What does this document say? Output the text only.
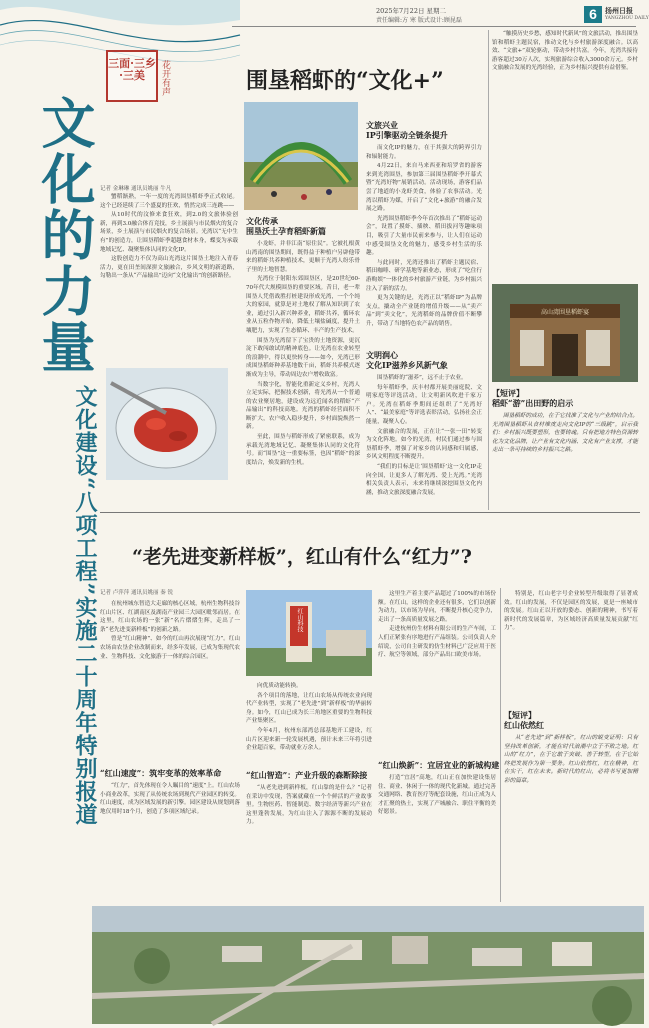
2025年7月22日 星期二
责任编辑:方 寒 版式设计:顾昆磊	6	扬州日报
YANGZHOU DAILY
文化的力量
文化建设“八项工程”实施二十周年特别报道
三面·三乡·三美	花开有声	围垦稻虾的“文化+”
记者 金琳琳 通讯员姚丽 牛凡

蟹稻渐熟，一年一度的光湾围垦稻虾季正式收尾。这个已经延续了三个盛夏的狂欢，悄然完成三连跳——

从10时代的汶修来食狂欢，到2.0的文旅体验创新，再到3.0融合体育竞技，乡土展演与市民烟火的复合场景，乡土展演与市民烟火的复合场景。光湾以“无中生有”的创造力，让围垦稻虾季超越食材本身，蝶变为承载地域记忆、凝聚集体认同的文化IP。

这股创造力不仅为高山光湾这片围垦土地注入青春活力，更在田垄间深拼文旅融合，乡风文明的新道路，勾勒出一条从“产品输出”迈向“文化输出”的创新路径。

文化传承
围垦沃土孕育稻虾新篇

小龙虾，并非江南“原住民”。它被扎根黄山湾南的围垦期间，既得益于种植户另辟他带来的稻虾共养种植技术，更顺于光湾人纷乐骨子里的土地智慧。

光湾位于射阳东郊围垦区，是20世纪60-70年代大规模围垦的重要区域。昔日，老一辈围垦人凭借战胜打桩建设形成光湾，一个个纯大的家园，就算是对土地权了解从知识到了农业，通过引入新兴种养业，稻虾共养，循环农业从五粒作物开始，降低土壤盐碱度，提升土壤肥力，实现了生态循环、丰产的生产技术。

围垦为光湾留下了宝贵的土地资源，更沉淀下敢闯敢试的精神底色。让光湾在农业转型的浪潮中，得以更快转身——如今，光湾已形成围垦稻虾种养基地数千亩，稻虾共养模式逐渐成为主导，带动周边农户增收致富。

当数字化，智能化重新定义乡村，光湾人立足实际，把握技术创新，将光湾从一个普通的农业聚居地，建设成为远近闻名的稻虾“产品输出”的科技高地。光湾的稻虾经营面积不断扩大，农户收入稳步提升，乡村面貌焕然一新。

至此，围垦与稻虾形成了紧密联系，成为承载光湾地域记忆、凝聚集体认同的文化符号。而“围垦”这一重要标签，也因“稻虾”的深度结合，焕发新的生机。

文旅兴业
IP引擎驱动全链条提升

而文化IP的魅力，在于其强大的跨界引力和辐射能力。

4月22日，来自马来西亚和培罗省的游客来到光湾围垦，参加第三届围垦稻虾季开幕式暨“光湾好物”展销活动。活动现场，游客们品尝了地道的小龙虾美食，体验了农事活动。光湾以稻虾为媒，开启了“文化+旅游”的融合发展之路。

光湾围垦稻虾季今年首次推出了“稻虾运动会”，设置了摸虾、插秧、稻田拔河等趣味项目，吸引了大量市民前来参与，让人们在运动中感受围垦文化的魅力，感受乡村生活的乐趣。

与此同时，光湾还推出了稻虾主题民宿、稻田咖啡、研学基地等新业态，形成了“吃住行游购娱”一体化的乡村旅游产业链，为乡村振兴注入了新的活力。

更为关键的是，光湾正以“稻虾IP”为品牌支点，撬动全产业链的增值升级——从“卖产品”到“卖文化”，光湾稻虾的品牌价值不断攀升，带动了当地特色农产品的销售。

文明润心
文化IP滋养乡风新气象

围垦稻虾的“滋养”，远不止于农业。

每年稻虾季，庆丰村都开展美丽庭院、文明家庭等评选活动，让文明新风吹进千家万户。光湾在稻虾季期间还组织了“光湾好人”、“最美家庭”等评选表彰活动，弘扬社会正能量，凝聚人心。

文旅融合的发展，正在让“一张一田”转变为文化阵地。如今的光湾，村民们通过参与围垦稻虾季，增强了对家乡的认同感和归属感，乡风文明程度不断提升。

“我们的目标是让‘围垦稻虾’这一文化IP走向全国，让更多人了解光湾、爱上光湾。”光湾相关负责人表示，未来将继续深挖围垦文化内涵，推动文旅深度融合发展。

“触摸历史乡愁，感知时代新风”的文旅活动，推出围垦馆和稻虾主题民宿，推动文化与乡村旅游深度融合。以高效、“文旅+”双轮驱动，带动乡村共富。今年，光湾共接待游客超过30万人次，实现旅游综合收入3000余万元。乡村文旅融合发展的光湾经验，正为乡村振兴提供有益借鉴。

高山湾围垦稻虾宴
【短评】
稻虾“游”出田野的启示

围垦稻虾的成功，在于它找准了文化与产业的结合点。光湾围垦稻虾从食材维度走向文化IP的“三级跳”，启示我们：乡村振兴既要塑形，也要铸魂。只有把地方特色资源转化为文化品牌，让产业有文化内涵、文化有产业支撑，才能走出一条可持续的乡村振兴之路。

“老先进变新样板”，红山有什么“红力”?
记者 卢萍萍 通讯员姚丽 秦 锐

在杭州城东智造大走廊的核心区域，杭州生物科技谷红山片区、红湖南区及湖南产业园三大园区毗邻而居。在这里，红山农场的一张“新”名片熠熠生辉，走出了一条“老先进变新样板”的创新之路。

曾是“红山精神”、如今的红山再次展现“红力”。红山农场由农垦企业改制而来，经多年发展，已成为集现代农业、生物科技、文化旅游于一体的综合园区。

“红山速度”：筑牢变革的效率革命

“红力”，首先体现在令人瞩目的“速度”上。红山农场小商业改革，实现了从传统农场到现代产业园区的转变。红山速度，成为区域发展的新引擎。园区建设从规划到落地仅用时18个月，创造了多项区域纪录。

红山科技

向优质动能转换。

各个项目的落地，让红山农场从传统农业向现代产业转型，实现了“老先进”到“新样板”的华丽转身。如今，红山已成为长三角地区重要的生物科技产业集聚区。

今年4月，杭州东部湾总部基地开工建设，红山片区迎来新一轮发展机遇，预计未来三年将引进企业超百家，带动就业万余人。

“红山智造”：产业升级的森断除接

“从老先进到新样板，红山靠的是什么？”记者在采访中发现，答案就藏在一个个鲜活的产业故事里。生物医药、智能制造、数字经济等新兴产业在这里蓬勃发展，为红山注入了源源不断的发展动力。

这里生产着主要产品超过了100%的市场份额。在红山，这样的企业还有很多，它们以创新为动力，以市场为导向，不断提升核心竞争力，走出了一条高质量发展之路。

走进杭州仿生材料有限公司的生产车间，工人们正紧张有序地进行产品组装。公司负责人介绍说，公司自主研发的仿生材料已广泛应用于医疗、航空等领域，部分产品出口欧美市场。

“红山焕新”：宜居宜业的新城构建

打造“宜居”高地，红山正在加快建设集居住、商业、休闲于一体的现代化新城。通过完善交通网络、教育医疗等配套设施，红山正成为人才汇聚的热土，实现了产城融合、职住平衡的美好愿景。

特别是，红山老字号企业转型升级取得了显著成效。红山的发展，不仅是园区的发展，更是一座城市的发展。红山正以开放的姿态、创新的精神，书写着新时代的发展篇章，为区域经济高质量发展贡献“红力”。

【短评】
红山依然红

从“老先进”到“新样板”，红山的蜕变证明：只有坚持改革创新，才能在时代浪潮中立于不败之地。红山的“红力”，在于它敢于突破、善于转型，在于它始终把发展作为第一要务。红山依然红，红在精神，红在实干，红在未来。新时代的红山，必将书写更加精彩的篇章。
